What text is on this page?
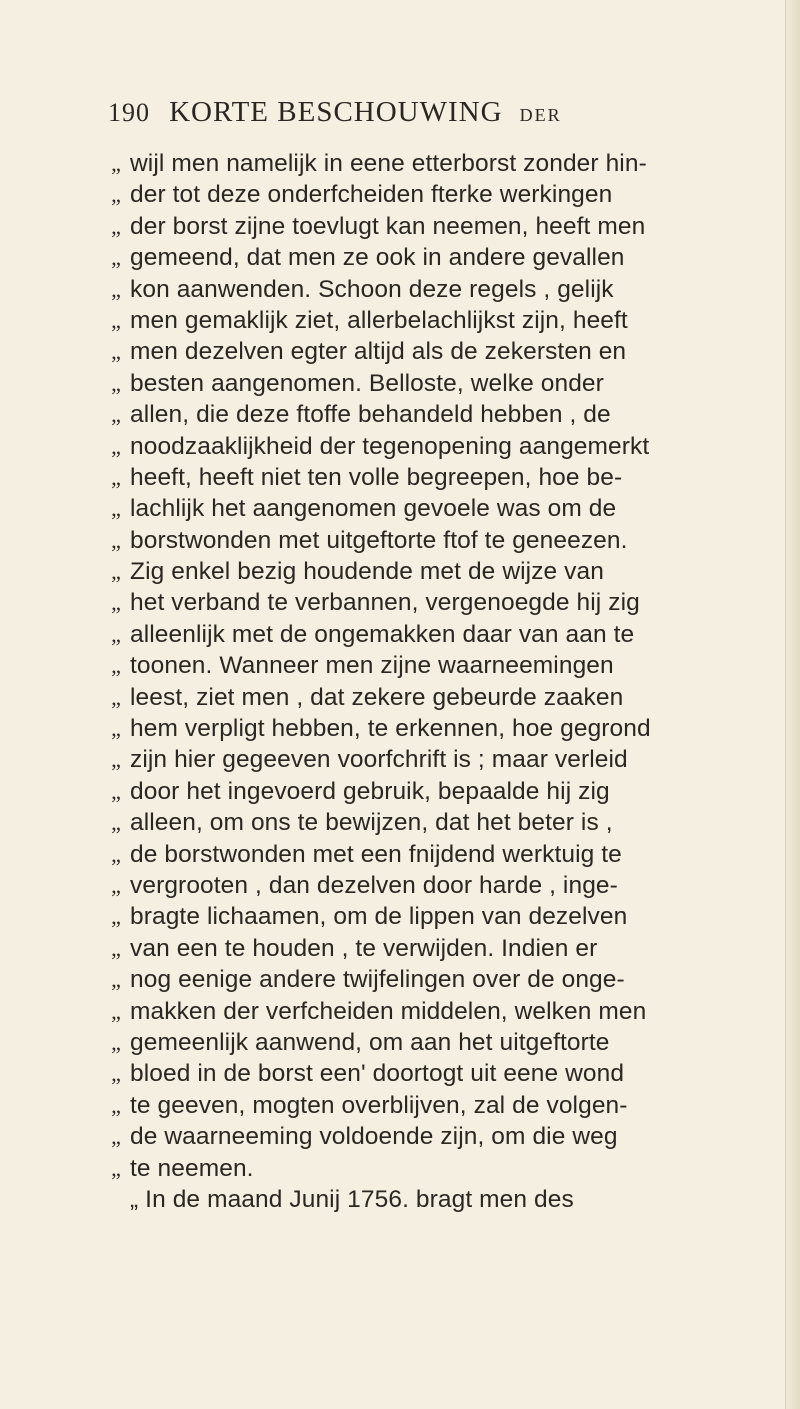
190 KORTE BESCHOUWING DER
„ wijl men namelijk in eene etterborst zonder hin-
„ der tot deze onderfcheiden fterke werkingen
„ der borst zijne toevlugt kan neemen, heeft men
„ gemeend, dat men ze ook in andere gevallen
„ kon aanwenden. Schoon deze regels , gelijk
„ men gemaklijk ziet, allerbelachlijkst zijn, heeft
„ men dezelven egter altijd als de zekersten en
„ besten aangenomen. Belloste, welke onder
„ allen, die deze ftoffe behandeld hebben , de
„ noodzaaklijkheid der tegenopening aangemerkt
„ heeft, heeft niet ten volle begreepen, hoe be-
„ lachlijk het aangenomen gevoele was om de
„ borstwonden met uitgeftorte ftof te geneezen.
„ Zig enkel bezig houdende met de wijze van
„ het verband te verbannen, vergenoegde hij zig
„ alleenlijk met de ongemakken daar van aan te
„ toonen. Wanneer men zijne waarneemingen
„ leest, ziet men , dat zekere gebeurde zaaken
„ hem verpligt hebben, te erkennen, hoe gegrond
„ zijn hier gegeeven voorfchrift is ; maar verleid
„ door het ingevoerd gebruik, bepaalde hij zig
„ alleen, om ons te bewijzen, dat het beter is ,
„ de borstwonden met een fnijdend werktuig te
„ vergrooten , dan dezelven door harde , inge-
„ bragte lichaamen, om de lippen van dezelven
„ van een te houden , te verwijden. Indien er
„ nog eenige andere twijfelingen over de onge-
„ makken der verfcheiden middelen, welken men
„ gemeenlijk aanwend, om aan het uitgeftorte
„ bloed in de borst een' doortogt uit eene wond
„ te geeven, mogten overblijven, zal de volgen-
„ de waarneeming voldoende zijn, om die weg
„ te neemen.
„ In de maand Junij 1756. bragt men des
